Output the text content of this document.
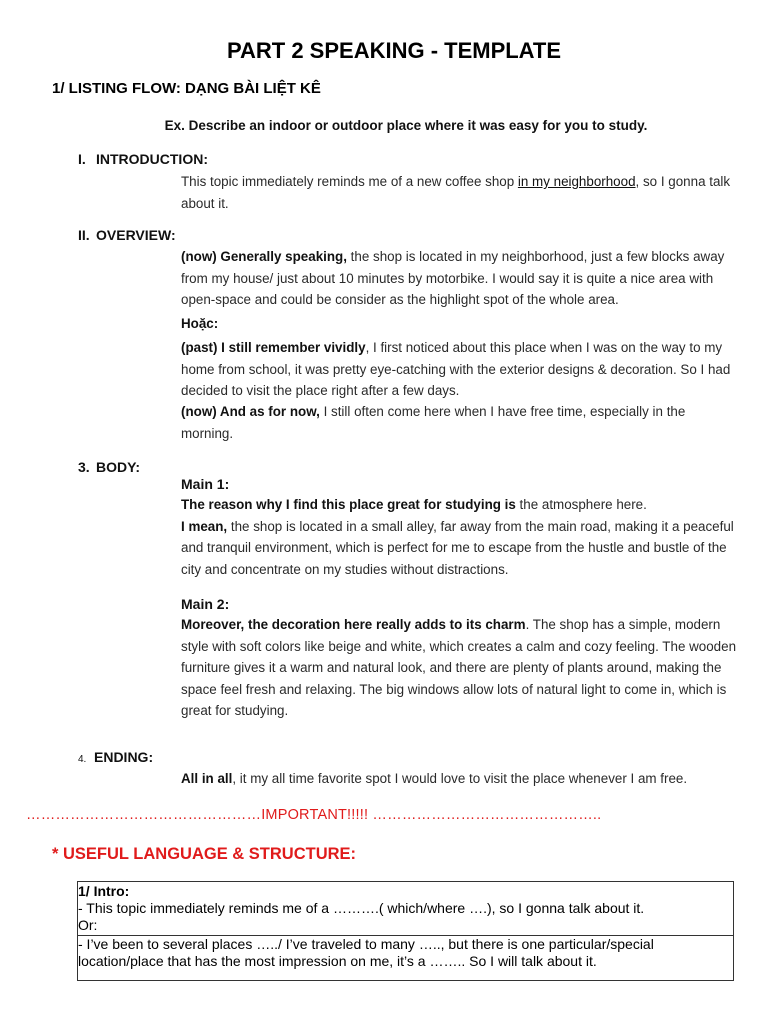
PART 2 SPEAKING - TEMPLATE
1/ LISTING FLOW: DẠNG BÀI LIỆT KÊ
Ex. Describe an indoor or outdoor place where it was easy for you to study.
I. INTRODUCTION:

This topic immediately reminds me of a new coffee shop in my neighborhood, so I gonna talk about it.

II. OVERVIEW:

(now) Generally speaking, the shop is located in my neighborhood, just a few blocks away from my house/ just about 10 minutes by motorbike. I would say it is quite a nice area with open-space and could be consider as the highlight spot of the whole area.

Hoặc:

(past) I still remember vividly, I first noticed about this place when I was on the way to my home from school, it was pretty eye-catching with the exterior designs & decoration. So I had decided to visit the place right after a few days.

(now) And as for now, I still often come here when I have free time, especially in the morning.

3. BODY:
Main 1:

The reason why I find this place great for studying is the atmosphere here.

I mean, the shop is located in a small alley, far away from the main road, making it a peaceful and tranquil environment, which is perfect for me to escape from the hustle and bustle of the city and concentrate on my studies without distractions.

Main 2:

Moreover, the decoration here really adds to its charm. The shop has a simple, modern style with soft colors like beige and white, which creates a calm and cozy feeling. The wooden furniture gives it a warm and natural look, and there are plenty of plants around, making the space feel fresh and relaxing. The big windows allow lots of natural light to come in, which is great for studying.

4. ENDING:

All in all, it my all time favorite spot I would love to visit the place whenever I am free.

…………………………………………IMPORTANT!!!!! ………………………………………..
* USEFUL LANGUAGE & STRUCTURE:

1/ Intro:

- This topic immediately reminds me of a ……….( which/where ….), so I gonna talk about it.

Or:

- I’ve been to several places …../ I’ve traveled to many ….., but there is one particular/special location/place that has the most impression on me, it’s a …….. So I will talk about it.
